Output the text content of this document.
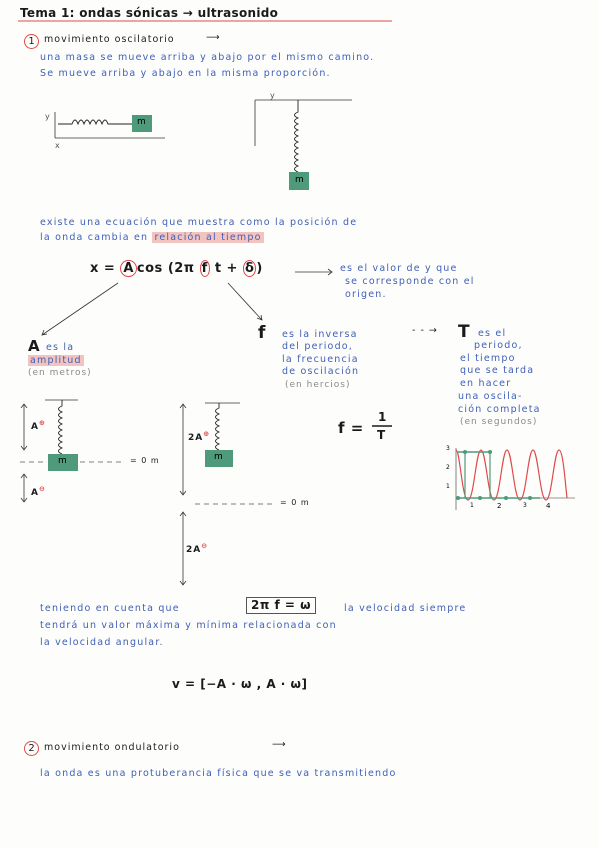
Tema 1: ondas sónicas → ultrasonido
1 movimiento oscilatorio	⟶
una masa se mueve arriba y abajo por el mismo camino.
Se mueve arriba y abajo en la misma proporción.
m
y
x
y
m
existe una ecuación que muestra como la posición de
la onda cambia en relación al tiempo
x = A cos (2π f t + δ )	es el valor de y que
se corresponde con el
origen.
A es la
amplitud
(en metros)
f es la inversa
del periodo,
la frecuencia
de oscilación
(en hercios)
- - →
f =
1
T
T es el
periodo,
el tiempo
que se tarda
en hacer
una oscila-
ción completa
(en segundos)
A⊕
A⊖
m	= 0 m
2A⊕
2A⊖
m
= 0 m
3
2
1
1	2	3	4
teniendo en cuenta que	2π f = ω	la velocidad siempre
tendrá un valor máxima y mínima relacionada con
la velocidad angular.
v = [−A · ω , A · ω]
2 movimiento ondulatorio	⟶
la onda es una protuberancia física que se va transmitiendo
